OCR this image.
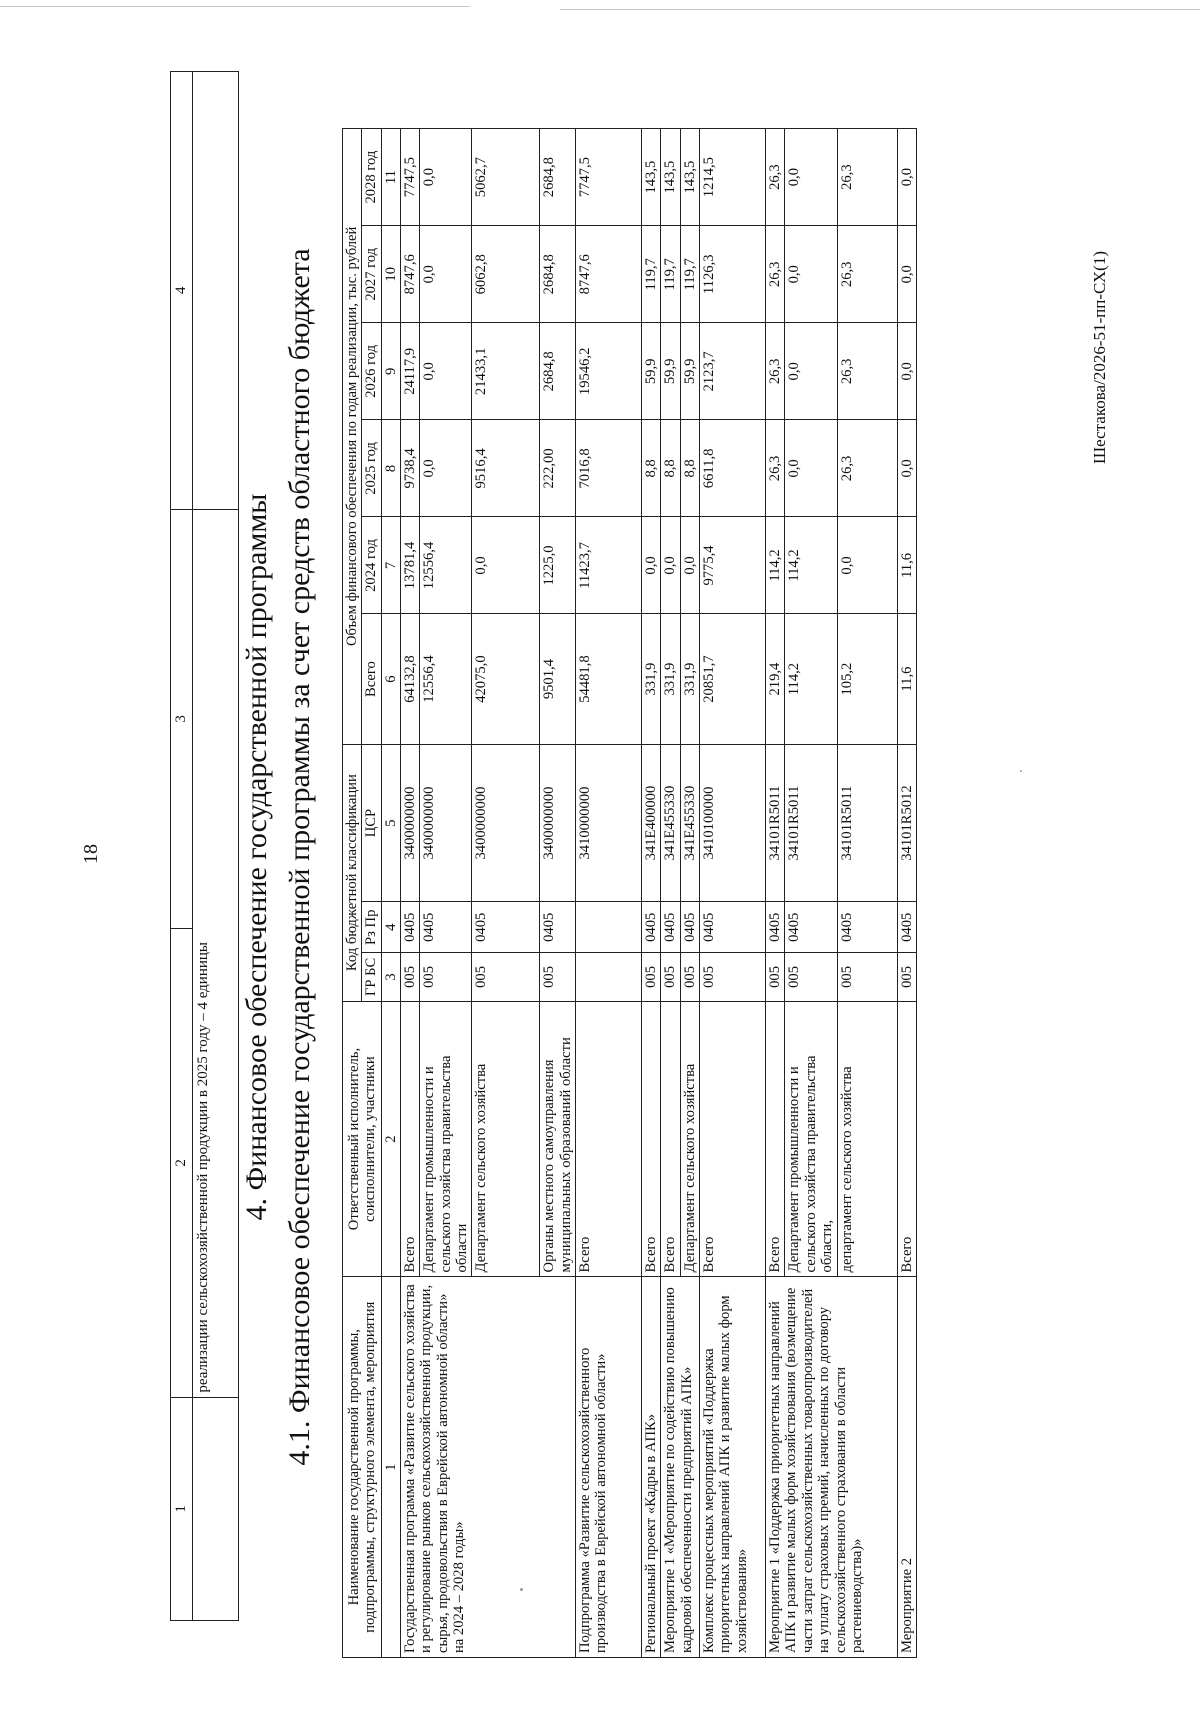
18
1	2	3	4
	реализации сельскохозяйственной продукции в 2025 году – 4 единицы		4. Финансовое обеспечение государственной программы 4.1. Финансовое обеспечение государственной программы за счет средств областного бюджета
Наименование государственной программы, подпрограммы, структурного элемента, мероприятия	Ответственный исполнитель, соисполнители, участники	Код бюджетной классификации			Объем финансового обеспечения по годам реализации, тыс. рублей					
		ГР БС	Рз Пр	ЦСР	Всего	2024 год	2025 год	2026 год	2027 год	2028 год
1	2	3	4	5	6	7	8	9	10	11
Государственная программа «Развитие сельского хозяйства и регулирование рынков сельскохозяйственной продукции, сырья, продовольствия в Еврейской автономной области» на 2024 – 2028 годы»	Всего	005	0405	3400000000	64132,8	13781,4	9738,4	24117,9	8747,6	7747,5
	Департамент промышленности и сельского хозяйства правительства области	005	0405	3400000000	12556,4	12556,4	0,0	0,0	0,0	0,0
	Департамент сельского хозяйства	005	0405	3400000000	42075,0	0,0	9516,4	21433,1	6062,8	5062,7
	Органы местного самоуправления муниципальных образований области	005	0405	3400000000	9501,4	1225,0	222,00	2684,8	2684,8	2684,8
Подпрограмма «Развитие сельскохозяйственного производства в Еврейской автономной области»	Всего			3410000000	54481,8	11423,7	7016,8	19546,2	8747,6	7747,5
Региональный проект «Кадры в АПК»	Всего	005	0405	341E400000	331,9	0,0	8,8	59,9	119,7	143,5
Мероприятие 1 «Мероприятие по содействию повышению кадровой обеспеченности предприятий АПК»	Всего	005	0405	341E455330	331,9	0,0	8,8	59,9	119,7	143,5
	Департамент сельского хозяйства	005	0405	341E455330	331,9	0,0	8,8	59,9	119,7	143,5
Комплекс процессных мероприятий «Поддержка приоритетных направлений АПК и развитие малых форм хозяйствования»	Всего	005	0405	3410100000	20851,7	9775,4	6611,8	2123,7	1126,3	1214,5
Мероприятие 1 «Поддержка приоритетных направлений АПК и развитие малых форм хозяйствования (возмещение части затрат сельскохозяйственных товаропроизводителей на уплату страховых премий, начисленных по договору сельскохозяйственного страхования в области растениеводства)»	Всего	005	0405	34101R5011	219,4	114,2	26,3	26,3	26,3	26,3
	Департамент промышленности и сельского хозяйства правительства области,	005	0405	34101R5011	114,2	114,2	0,0	0,0	0,0	0,0
	департамент сельского хозяйства	005	0405	34101R5011	105,2	0,0	26,3	26,3	26,3	26,3
Мероприятие 2	Всего	005	0405	34101R5012	11,6	11,6	0,0	0,0	0,0	0,0
Шестакова/2026-51-пп-СХ(1)
